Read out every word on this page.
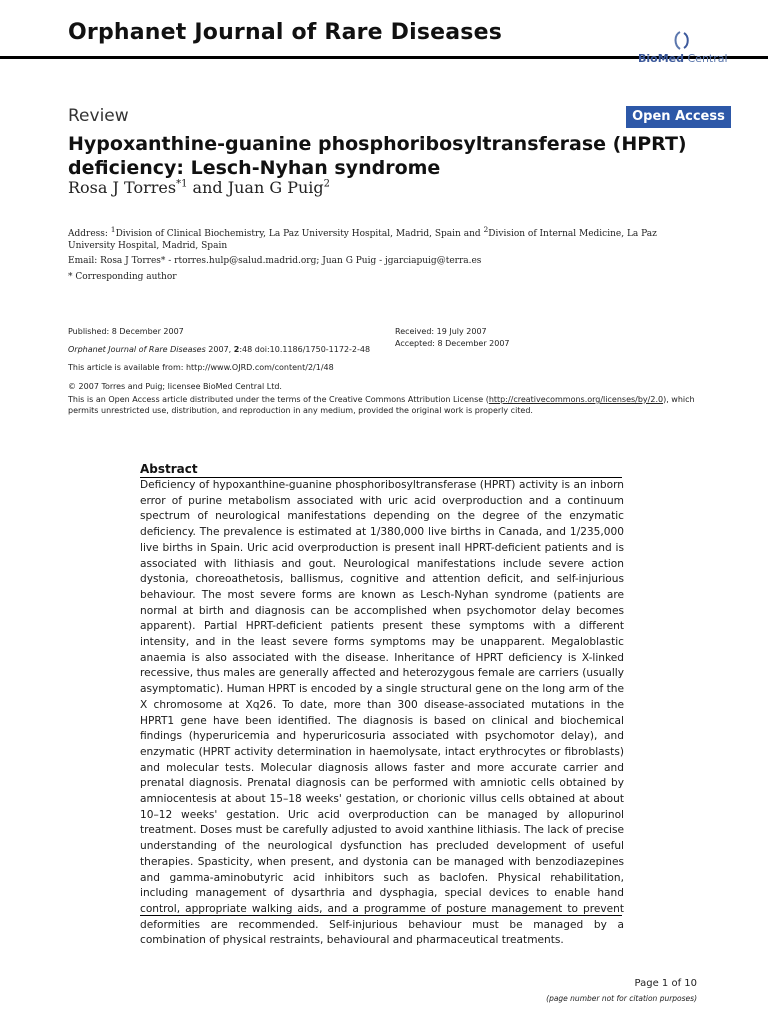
Orphanet Journal of Rare Diseases
BioMed Central
Review	Open Access
Hypoxanthine-guanine phosphoribosyltransferase (HPRT) deficiency: Lesch-Nyhan syndrome
Rosa J Torres$^{*1}$ and Juan G Puig$^2$
Address: $^1$Division of Clinical Biochemistry, La Paz University Hospital, Madrid, Spain and $^2$Division of Internal Medicine, La Paz University Hospital, Madrid, Spain
Email: Rosa J Torres* - rtorres.hulp@salud.madrid.org; Juan G Puig - jgarciapuig@terra.es
* Corresponding author
Published: 8 December 2007
Orphanet Journal of Rare Diseases 2007, 2:48 doi:10.1186/1750-1172-2-48
This article is available from: http://www.OJRD.com/content/2/1/48
Received: 19 July 2007
Accepted: 8 December 2007
© 2007 Torres and Puig; licensee BioMed Central Ltd.
This is an Open Access article distributed under the terms of the Creative Commons Attribution License (http://creativecommons.org/licenses/by/2.0), which permits unrestricted use, distribution, and reproduction in any medium, provided the original work is properly cited.
Abstract
Deficiency of hypoxanthine-guanine phosphoribosyltransferase (HPRT) activity is an inborn error of purine metabolism associated with uric acid overproduction and a continuum spectrum of neurological manifestations depending on the degree of the enzymatic deficiency. The prevalence is estimated at 1/380,000 live births in Canada, and 1/235,000 live births in Spain. Uric acid overproduction is present inall HPRT-deficient patients and is associated with lithiasis and gout. Neurological manifestations include severe action dystonia, choreoathetosis, ballismus, cognitive and attention deficit, and self-injurious behaviour. The most severe forms are known as Lesch-Nyhan syndrome (patients are normal at birth and diagnosis can be accomplished when psychomotor delay becomes apparent). Partial HPRT-deficient patients present these symptoms with a different intensity, and in the least severe forms symptoms may be unapparent. Megaloblastic anaemia is also associated with the disease. Inheritance of HPRT deficiency is X-linked recessive, thus males are generally affected and heterozygous female are carriers (usually asymptomatic). Human HPRT is encoded by a single structural gene on the long arm of the X chromosome at Xq26. To date, more than 300 disease-associated mutations in the HPRT1 gene have been identified. The diagnosis is based on clinical and biochemical findings (hyperuricemia and hyperuricosuria associated with psychomotor delay), and enzymatic (HPRT activity determination in haemolysate, intact erythrocytes or fibroblasts) and molecular tests. Molecular diagnosis allows faster and more accurate carrier and prenatal diagnosis. Prenatal diagnosis can be performed with amniotic cells obtained by amniocentesis at about 15–18 weeks' gestation, or chorionic villus cells obtained at about 10–12 weeks' gestation. Uric acid overproduction can be managed by allopurinol treatment. Doses must be carefully adjusted to avoid xanthine lithiasis. The lack of precise understanding of the neurological dysfunction has precluded development of useful therapies. Spasticity, when present, and dystonia can be managed with benzodiazepines and gamma-aminobutyric acid inhibitors such as baclofen. Physical rehabilitation, including management of dysarthria and dysphagia, special devices to enable hand control, appropriate walking aids, and a programme of posture management to prevent deformities are recommended. Self-injurious behaviour must be managed by a combination of physical restraints, behavioural and pharmaceutical treatments.
Page 1 of 10
(page number not for citation purposes)
